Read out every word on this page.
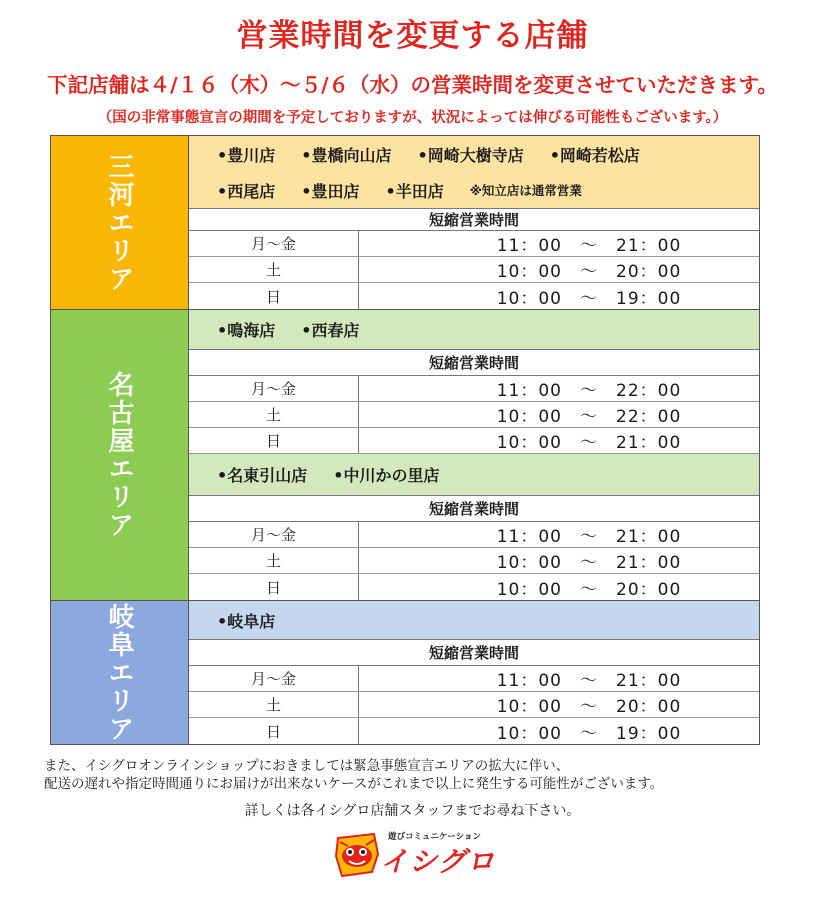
営業時間を変更する店舗
下記店舗は４/１６（木）～５/６（水）の営業時間を変更させていただきます。
（国の非常事態宣言の期間を予定しておりますが、状況によっては伸びる可能性もございます。）
三河エリア	•豊川店 •豊橋向山店 •岡崎大樹寺店 •岡崎若松店
•西尾店 •豊田店 •半田店 ※知立店は通常営業
短縮営業時間
月～金	11：00　～　21：00
土	10：00　～　20：00
日	10：00　～　19：00
名古屋エリア
•鳴海店 •西春店
短縮営業時間
月～金	11：00　～　22：00
土	10：00　～　22：00
日	10：00　～　21：00
•名東引山店 •中川かの里店
短縮営業時間
月～金	11：00　～　21：00
土	10：00　～　21：00
日	10：00　～　20：00
岐阜エリア	•岐阜店
短縮営業時間
月～金	11：00　～　21：00
土	10：00　～　20：00
日	10：00　～　19：00
また、イシグロオンラインショップにおきましては緊急事態宣言エリアの拡大に伴い、
配送の遅れや指定時間通りにお届けが出来ないケースがこれまで以上に発生する可能性がございます。
詳しくは各イシグロ店舗スタッフまでお尋ね下さい。
遊びコミュニケーション
イシグロ
